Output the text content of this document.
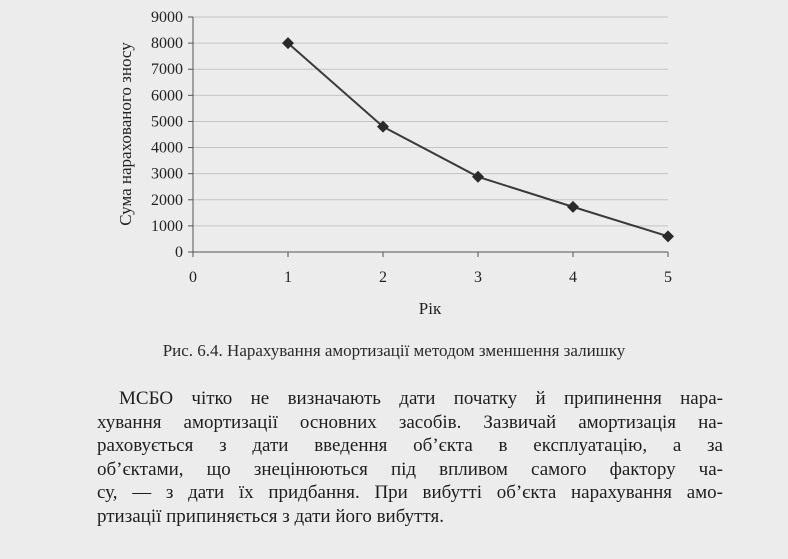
0
1000
2000
3000
4000
5000
6000
7000
8000
9000
0	1	2	3	4	5
Рік
Сума нарахованого зносу
Рис. 6.4. Нарахування амортизації методом зменшення залишку
МСБО чітко не визначають дати початку й припинення нара-
хування амортизації основних засобів. Зазвичай амортизація на-
раховується з дати введення об’єкта в експлуатацію, а за
об’єктами, що знецінюються під впливом самого фактору ча-
су, — з дати їх придбання. При вибутті об’єкта нарахування амо-
ртизації припиняється з дати його вибуття.
